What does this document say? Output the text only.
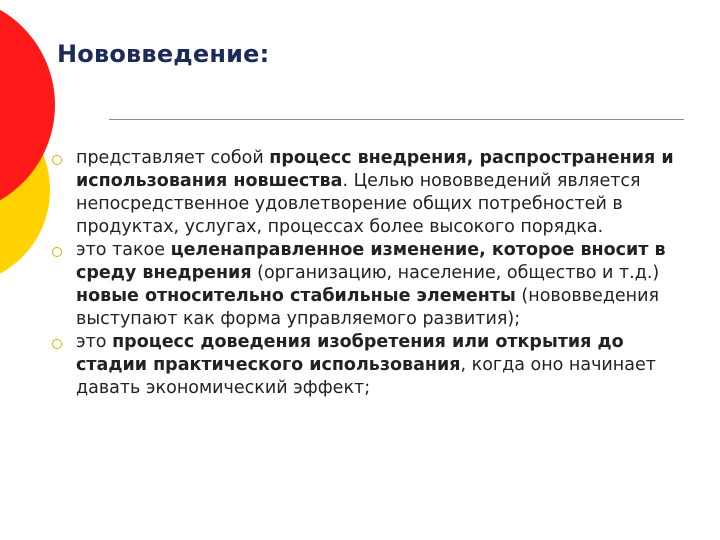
Нововведение:
представляет собой процесс внедрения, распространения и использования новшества. Целью нововведений является непосредственное удовлетворение общих потребностей в продуктах, услугах, процессах более высокого порядка.
это такое целенаправленное изменение, которое вносит в среду внедрения (организацию, население, общество и т.д.) новые относительно стабильные элементы (нововведения выступают как форма управляемого развития);
это процесс доведения изобретения или открытия до стадии практического использования, когда оно начинает давать экономический эффект;
